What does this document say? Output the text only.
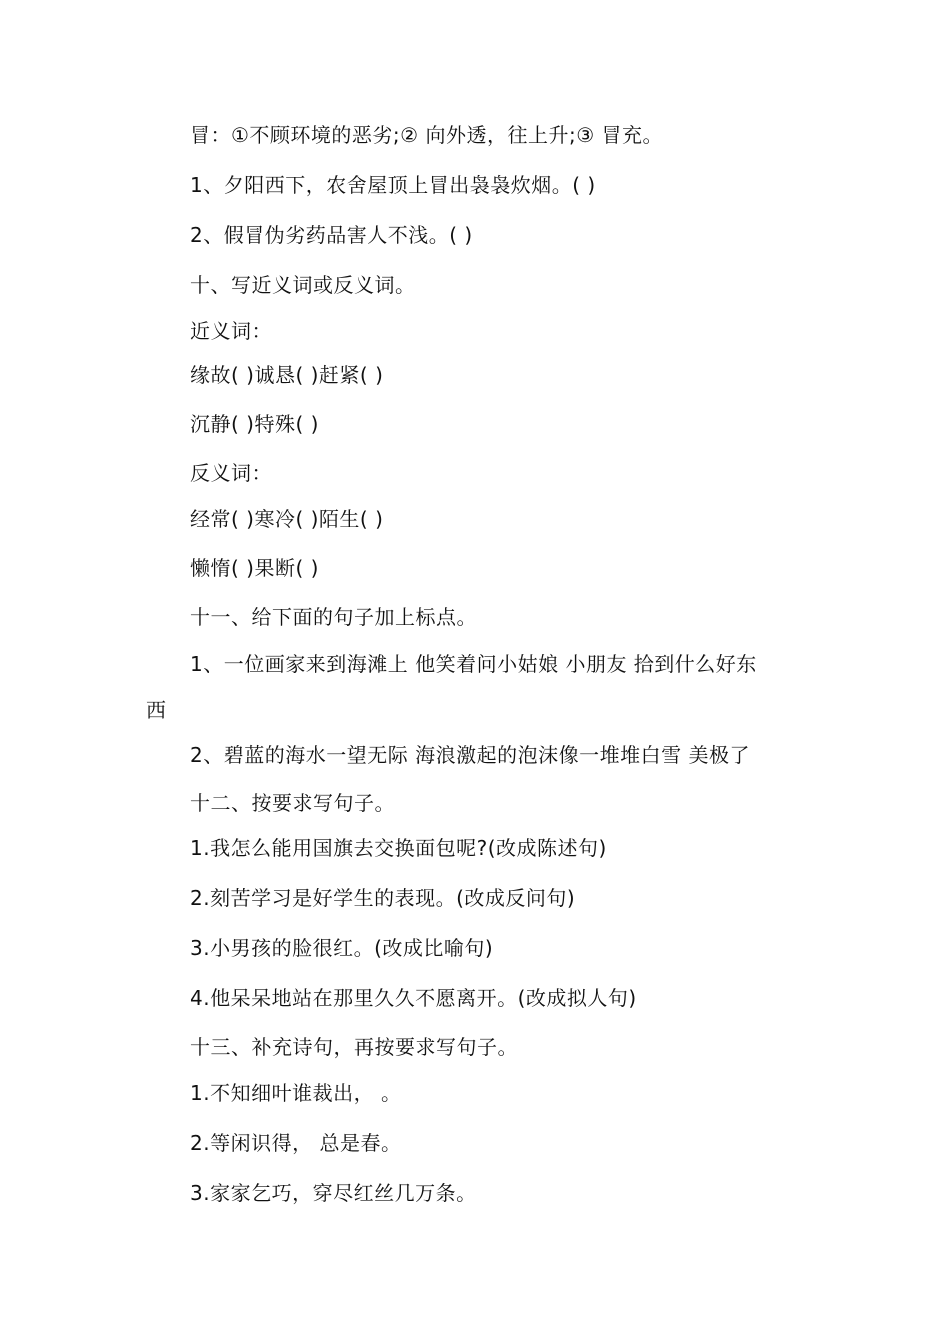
冒：①不顾环境的恶劣;② 向外透，往上升;③ 冒充。
1、夕阳西下，农舍屋顶上冒出袅袅炊烟。( )
2、假冒伪劣药品害人不浅。( )
十、写近义词或反义词。
近义词：
缘故( )诚恳( )赶紧( )
沉静( )特殊( )
反义词：
经常( )寒冷( )陌生( )
懒惰( )果断( )
十一、给下面的句子加上标点。
1、一位画家来到海滩上 他笑着问小姑娘 小朋友 拾到什么好东
西
2、碧蓝的海水一望无际 海浪激起的泡沫像一堆堆白雪 美极了
十二、按要求写句子。
1.我怎么能用国旗去交换面包呢?(改成陈述句)
2.刻苦学习是好学生的表现。(改成反问句)
3.小男孩的脸很红。(改成比喻句)
4.他呆呆地站在那里久久不愿离开。(改成拟人句)
十三、补充诗句，再按要求写句子。
1.不知细叶谁裁出， 。
2.等闲识得， 总是春。
3.家家乞巧，穿尽红丝几万条。
